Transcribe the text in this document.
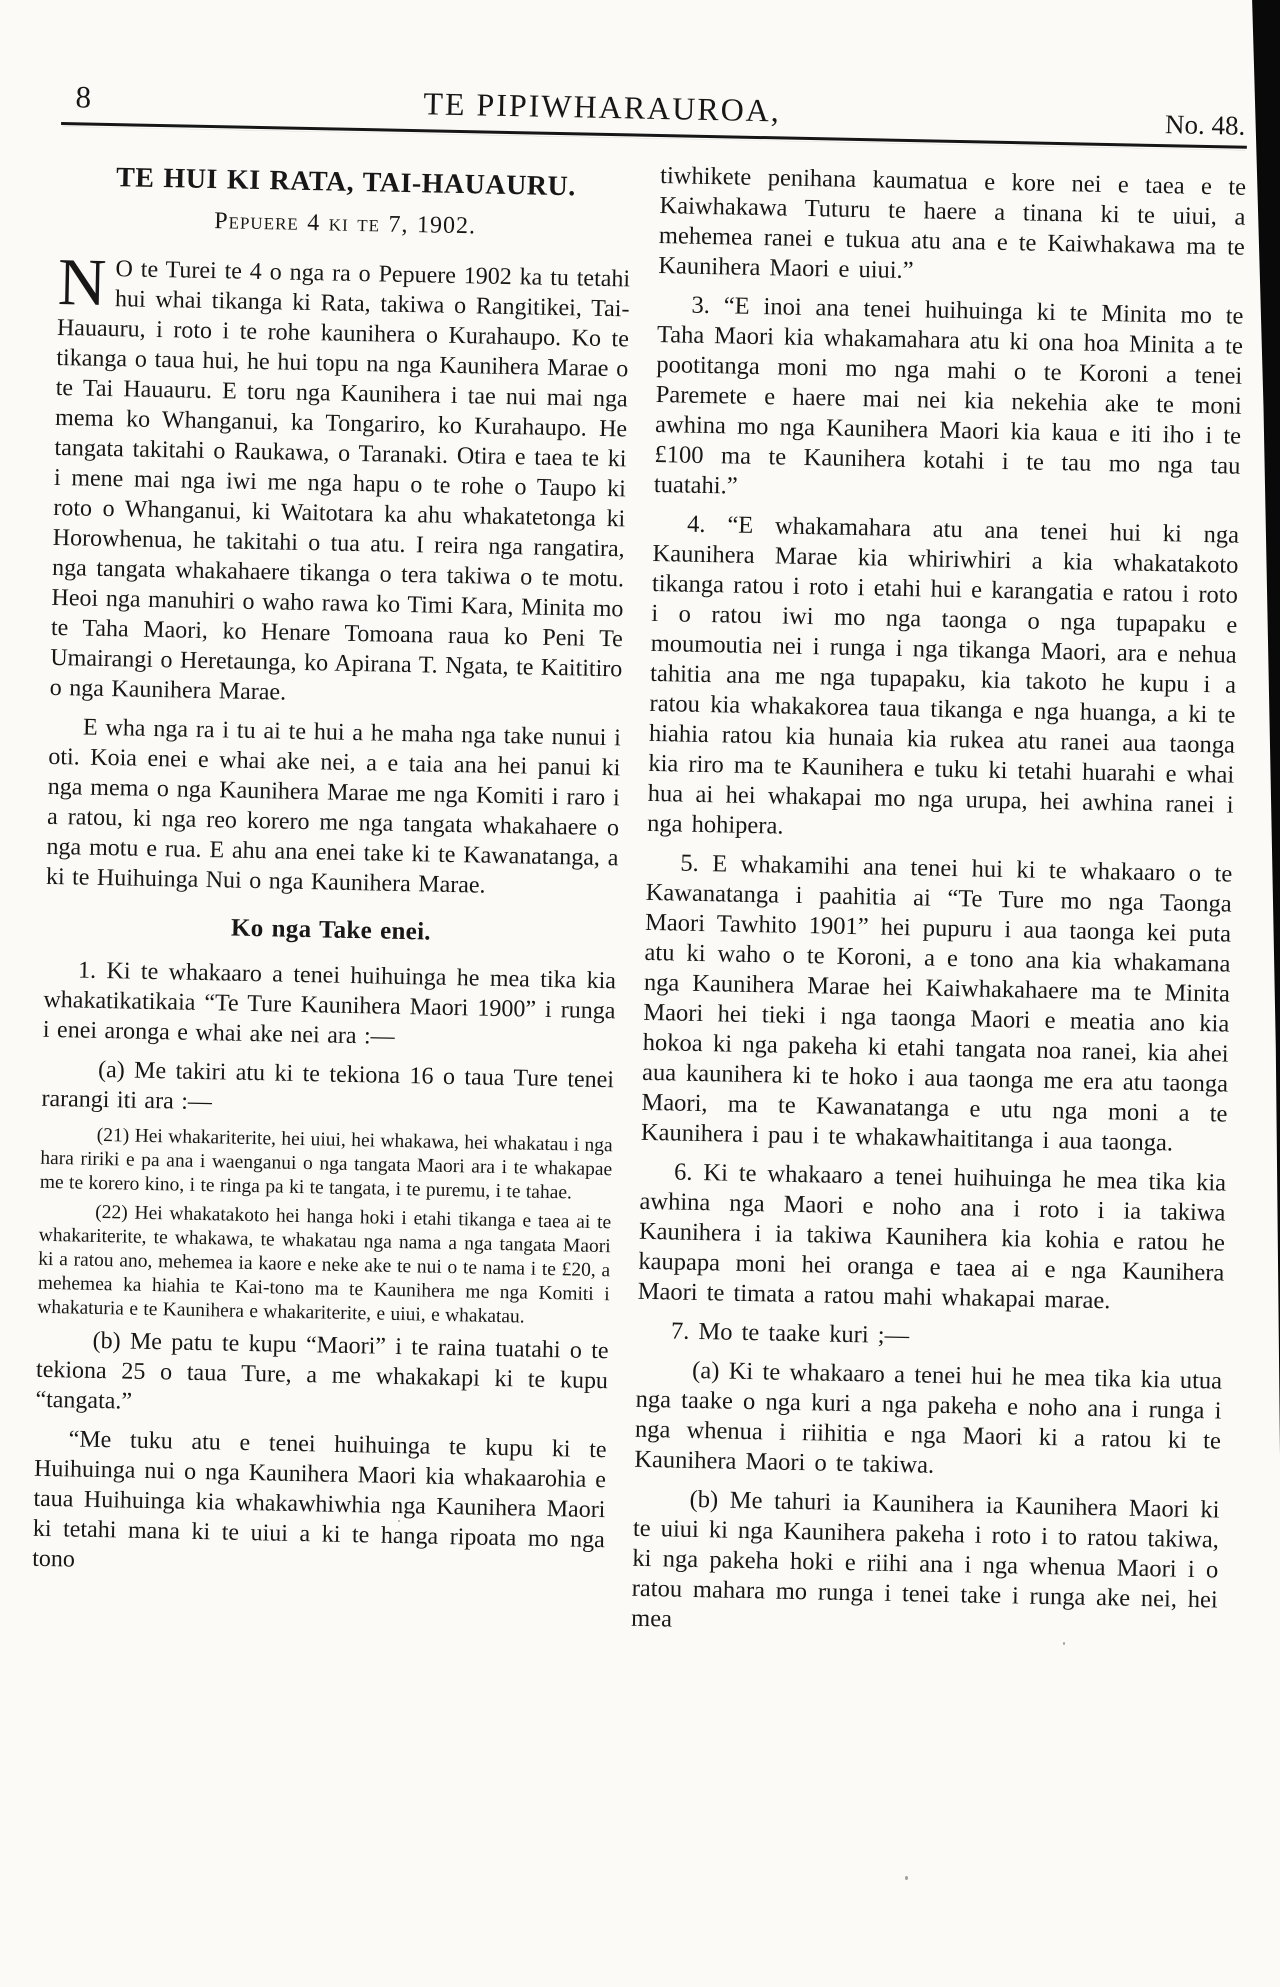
8	TE PIPIWHARAUROA,	No. 48.

TE HUI KI RATA, TAI-HAUAURU.

Pepuere 4 ki te 7, 1902.

N O te Turei te 4 o nga ra o Pepuere 1902 ka tu tetahi hui whai tikanga ki Rata, takiwa o Rangitikei, Tai-Hauauru, i roto i te rohe kaunihera o Kurahaupo. Ko te tikanga o taua hui, he hui topu na nga Kaunihera Marae o te Tai Hauauru. E toru nga Kaunihera i tae nui mai nga mema ko Whanganui, ka Tongariro, ko Kurahaupo. He tangata takitahi o Raukawa, o Taranaki. Otira e taea te ki i mene mai nga iwi me nga hapu o te rohe o Taupo ki roto o Whanganui, ki Waitotara ka ahu whakatetonga ki Horowhenua, he takitahi o tua atu. I reira nga rangatira, nga tangata whakahaere tikanga o tera takiwa o te motu. Heoi nga manuhiri o waho rawa ko Timi Kara, Minita mo te Taha Maori, ko Henare Tomoana raua ko Peni Te Umairangi o Heretaunga, ko Apirana T. Ngata, te Kaititiro o nga Kaunihera Marae.

E wha nga ra i tu ai te hui a he maha nga take nunui i oti. Koia enei e whai ake nei, a e taia ana hei panui ki nga mema o nga Kaunihera Marae me nga Komiti i raro i a ratou, ki nga reo korero me nga tangata whakahaere o nga motu e rua. E ahu ana enei take ki te Kawanatanga, a ki te Huihuinga Nui o nga Kaunihera Marae.

Ko nga Take enei.

1. Ki te whakaaro a tenei huihuinga he mea tika kia whakatikatikaia “Te Ture Kaunihera Maori 1900” i runga i enei aronga e whai ake nei ara :—

(a) Me takiri atu ki te tekiona 16 o taua Ture tenei rarangi iti ara :—

(21) Hei whakariterite, hei uiui, hei whakawa, hei whakatau i nga hara ririki e pa ana i waenganui o nga tangata Maori ara i te whakapae me te korero kino, i te ringa pa ki te tangata, i te puremu, i te tahae.

(22) Hei whakatakoto hei hanga hoki i etahi tikanga e taea ai te whakariterite, te whakawa, te whakatau nga nama a nga tangata Maori ki a ratou ano, mehemea ia kaore e neke ake te nui o te nama i te £20, a mehemea ka hiahia te Kai-tono ma te Kaunihera me nga Komiti i whakaturia e te Kaunihera e whakariterite, e uiui, e whakatau.

(b) Me patu te kupu “Maori” i te raina tuatahi o te tekiona 25 o taua Ture, a me whakakapi ki te kupu “tangata.”

“Me tuku atu e tenei huihuinga te kupu ki te Huihuinga nui o nga Kaunihera Maori kia whakaarohia e taua Huihuinga kia whakawhiwhia nga Kaunihera Maori ki tetahi mana ki te uiui a ki te hanga ripoata mo nga tono

tiwhikete penihana kaumatua e kore nei e taea e te Kaiwhakawa Tuturu te haere a tinana ki te uiui, a mehemea ranei e tukua atu ana e te Kaiwhakawa ma te Kaunihera Maori e uiui.”

3. “E inoi ana tenei huihuinga ki te Minita mo te Taha Maori kia whakamahara atu ki ona hoa Minita a te pootitanga moni mo nga mahi o te Koroni a tenei Paremete e haere mai nei kia nekehia ake te moni awhina mo nga Kaunihera Maori kia kaua e iti iho i te £100 ma te Kaunihera kotahi i te tau mo nga tau tuatahi.”

4. “E whakamahara atu ana tenei hui ki nga Kaunihera Marae kia whiriwhiri a kia whakatakoto tikanga ratou i roto i etahi hui e karangatia e ratou i roto i o ratou iwi mo nga taonga o nga tupapaku e moumoutia nei i runga i nga tikanga Maori, ara e nehua tahitia ana me nga tupapaku, kia takoto he kupu i a ratou kia whakakorea taua tikanga e nga huanga, a ki te hiahia ratou kia hunaia kia rukea atu ranei aua taonga kia riro ma te Kaunihera e tuku ki tetahi huarahi e whai hua ai hei whakapai mo nga urupa, hei awhina ranei i nga hohipera.

5. E whakamihi ana tenei hui ki te whakaaro o te Kawanatanga i paahitia ai “Te Ture mo nga Taonga Maori Tawhito 1901” hei pupuru i aua taonga kei puta atu ki waho o te Koroni, a e tono ana kia whakamana nga Kaunihera Marae hei Kaiwhakahaere ma te Minita Maori hei tieki i nga taonga Maori e meatia ano kia hokoa ki nga pakeha ki etahi tangata noa ranei, kia ahei aua kaunihera ki te hoko i aua taonga me era atu taonga Maori, ma te Kawanatanga e utu nga moni a te Kaunihera i pau i te whakawhaititanga i aua taonga.

6. Ki te whakaaro a tenei huihuinga he mea tika kia awhina nga Maori e noho ana i roto i ia takiwa Kaunihera i ia takiwa Kaunihera kia kohia e ratou he kaupapa moni hei oranga e taea ai e nga Kaunihera Maori te timata a ratou mahi whakapai marae.

7. Mo te taake kuri ;—

(a) Ki te whakaaro a tenei hui he mea tika kia utua nga taake o nga kuri a nga pakeha e noho ana i runga i nga whenua i riihitia e nga Maori ki a ratou ki te Kaunihera Maori o te takiwa.

(b) Me tahuri ia Kaunihera ia Kaunihera Maori ki te uiui ki nga Kaunihera pakeha i roto i to ratou takiwa, ki nga pakeha hoki e riihi ana i nga whenua Maori i o ratou mahara mo runga i tenei take i runga ake nei, hei mea
